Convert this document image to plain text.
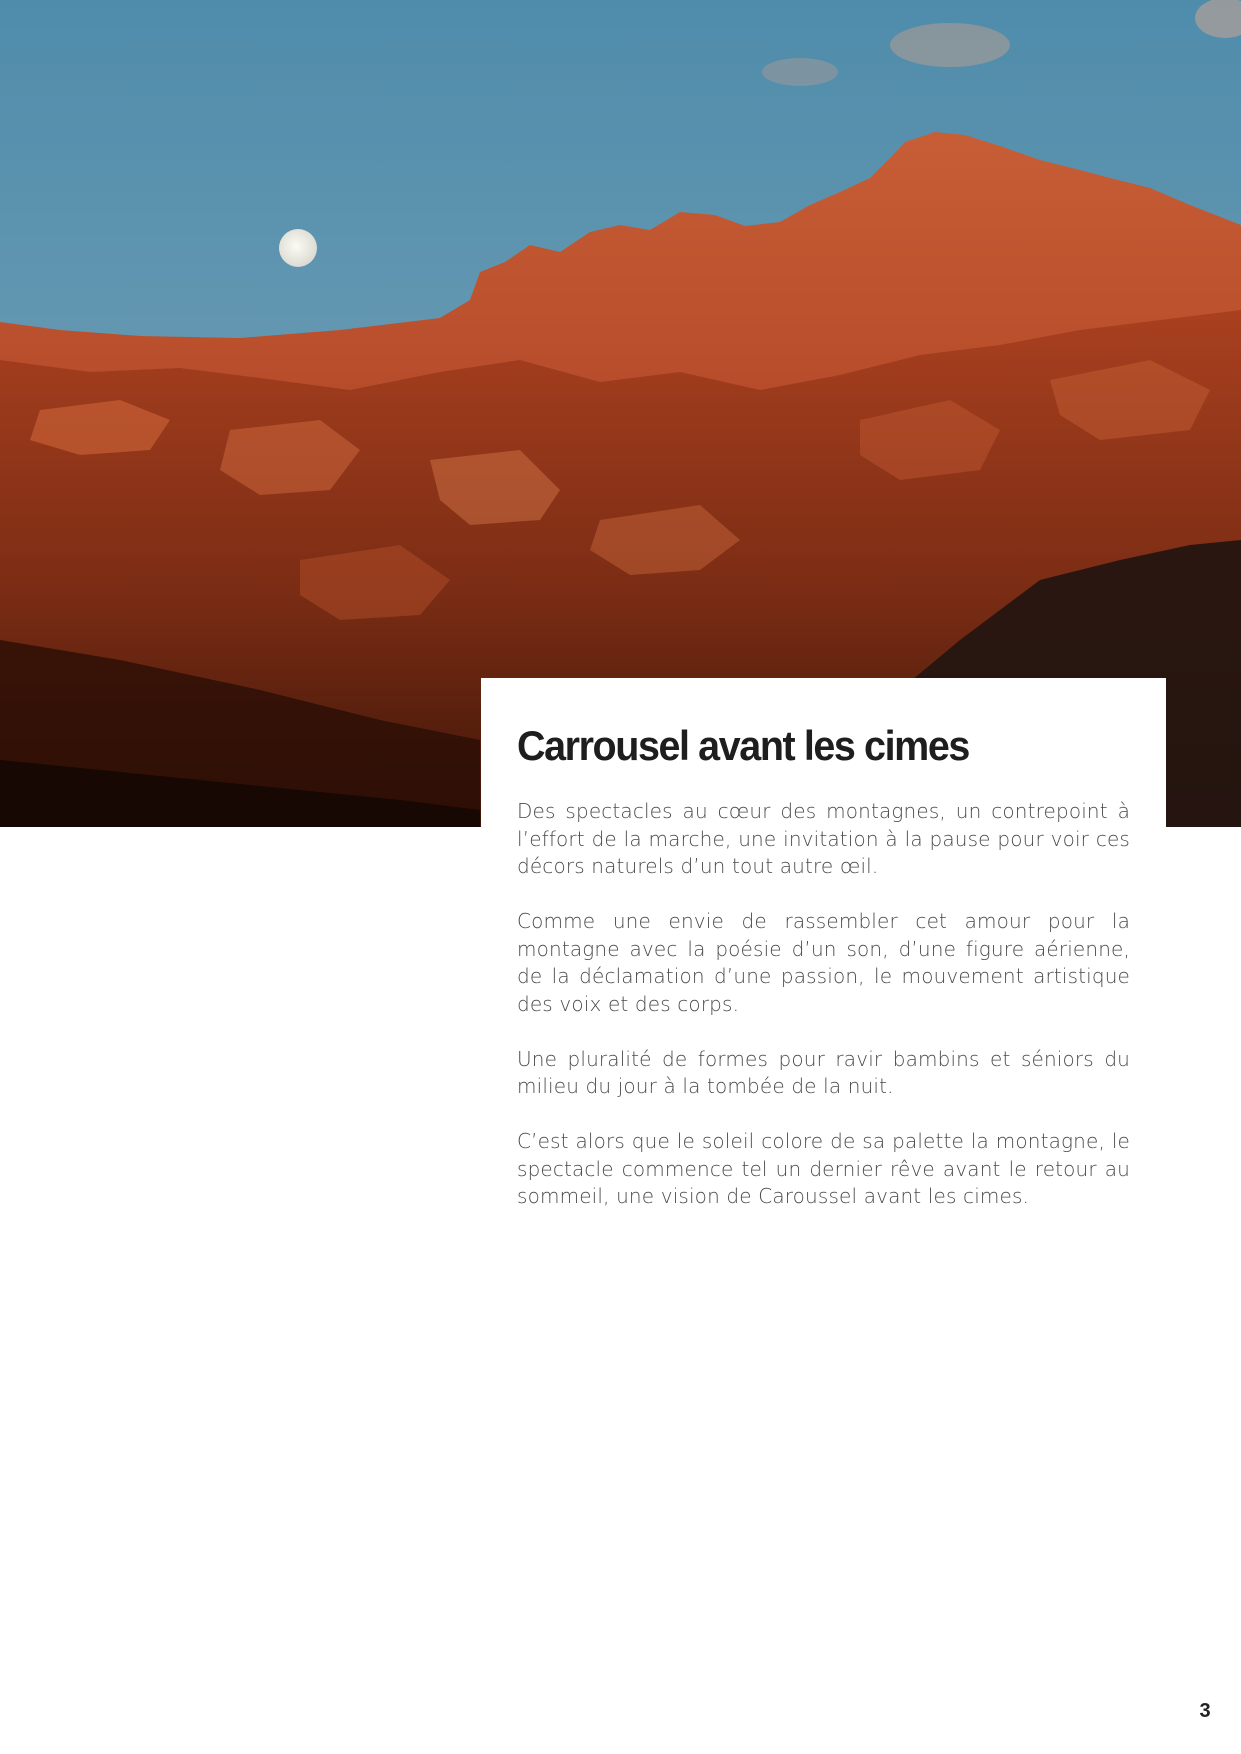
Carrousel avant les cimes

Des spectacles au cœur des montagnes, un contrepoint à l’effort de la marche, une invitation à la pause pour voir ces décors naturels d’un tout autre œil.

Comme une envie de rassembler cet amour pour la montagne avec la poésie d’un son, d’une figure aérienne, de la déclamation d’une passion, le mouvement artistique des voix et des corps.

Une pluralité de formes pour ravir bambins et séniors du milieu du jour à la tombée de la nuit.

C’est alors que le soleil colore de sa palette la montagne, le spectacle commence tel un dernier rêve avant le retour au sommeil, une vision de Caroussel avant les cimes.

3
